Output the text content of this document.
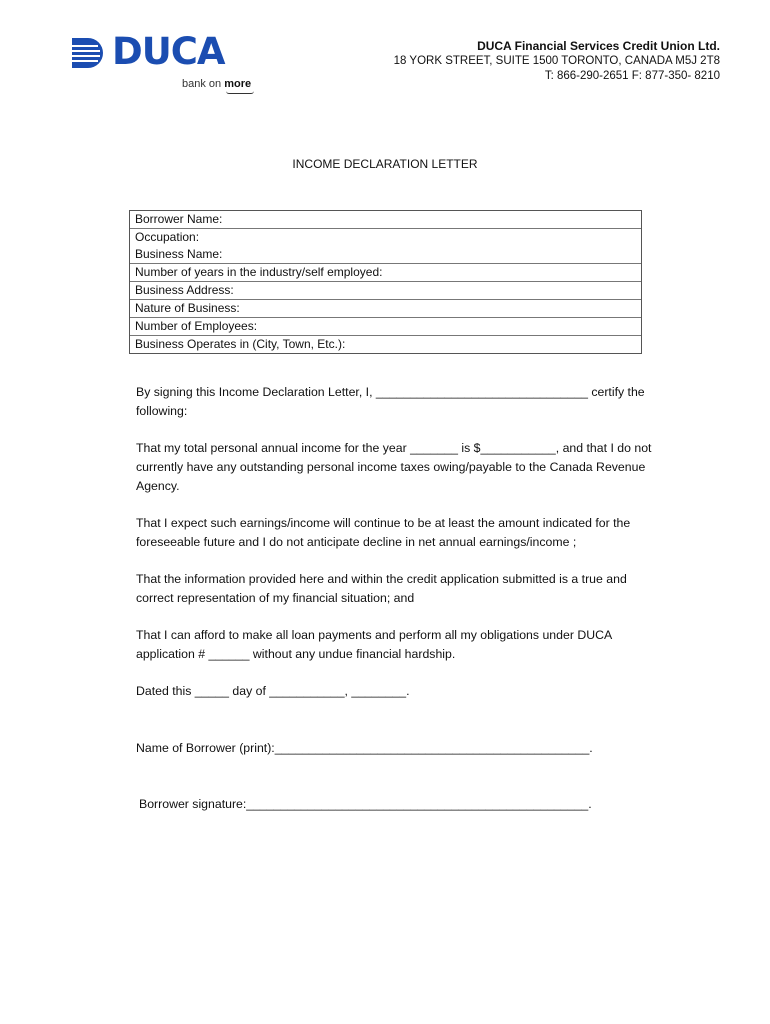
DUCA
bank on more
DUCA Financial Services Credit Union Ltd.
18 YORK STREET, SUITE 1500 TORONTO, CANADA M5J 2T8
T: 866-290-2651 F: 877-350- 8210
INCOME DECLARATION LETTER
Borrower Name:
Occupation:
Business Name:
Number of years in the industry/self employed:
Business Address:
Nature of Business:
Number of Employees:
Business Operates in (City, Town, Etc.):

By signing this Income Declaration Letter, I, _______________________________ certify the

following:

That my total personal annual income for the year _______ is $___________, and that I do not

currently have any outstanding personal income taxes owing/payable to the Canada Revenue

Agency.

That I expect such earnings/income will continue to be at least the amount indicated for the

foreseeable future and I do not anticipate decline in net annual earnings/income ;

That the information provided here and within the credit application submitted is a true and

correct representation of my financial situation; and

That I can afford to make all loan payments and perform all my obligations under DUCA

application # ______ without any undue financial hardship.

Dated this _____ day of ___________, ________.
Name of Borrower (print):______________________________________________.
Borrower signature:__________________________________________________.
